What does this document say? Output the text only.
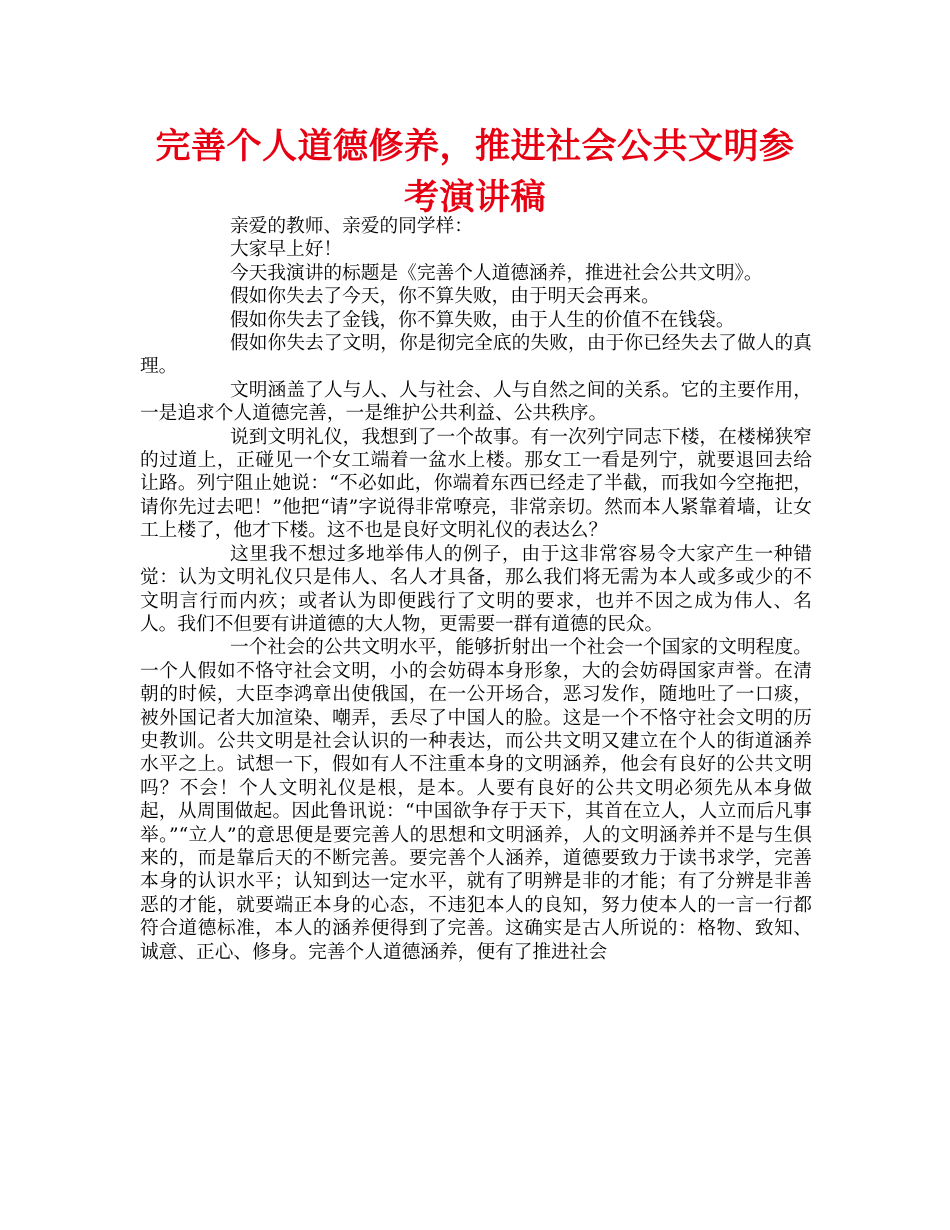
完善个人道德修养，推进社会公共文明参考演讲稿

亲爱的教师、亲爱的同学样：

大家早上好！

今天我演讲的标题是《完善个人道德涵养，推进社会公共文明》。

假如你失去了今天，你不算失败，由于明天会再来。

假如你失去了金钱，你不算失败，由于人生的价值不在钱袋。

假如你失去了文明，你是彻完全底的失败，由于你已经失去了做人的真理。

文明涵盖了人与人、人与社会、人与自然之间的关系。它的主要作用，一是追求个人道德完善，一是维护公共利益、公共秩序。

说到文明礼仪，我想到了一个故事。有一次列宁同志下楼，在楼梯狭窄的过道上，正碰见一个女工端着一盆水上楼。那女工一看是列宁，就要退回去给让路。列宁阻止她说：“不必如此，你端着东西已经走了半截，而我如今空拖把，请你先过去吧！”他把“请”字说得非常嘹亮，非常亲切。然而本人紧靠着墙，让女工上楼了，他才下楼。这不也是良好文明礼仪的表达么？

这里我不想过多地举伟人的例子，由于这非常容易令大家产生一种错觉：认为文明礼仪只是伟人、名人才具备，那么我们将无需为本人或多或少的不文明言行而内疚；或者认为即便践行了文明的要求，也并不因之成为伟人、名人。我们不但要有讲道德的大人物，更需要一群有道德的民众。

一个社会的公共文明水平，能够折射出一个社会一个国家的文明程度。一个人假如不恪守社会文明，小的会妨碍本身形象，大的会妨碍国家声誉。在清朝的时候，大臣李鸿章出使俄国，在一公开场合，恶习发作，随地吐了一口痰，被外国记者大加渲染、嘲弄，丢尽了中国人的脸。这是一个不恪守社会文明的历史教训。公共文明是社会认识的一种表达，而公共文明又建立在个人的街道涵养水平之上。试想一下，假如有人不注重本身的文明涵养，他会有良好的公共文明吗？不会！个人文明礼仪是根，是本。人要有良好的公共文明必须先从本身做起，从周围做起。因此鲁讯说：“中国欲争存于天下，其首在立人，人立而后凡事举。”“立人”的意思便是要完善人的思想和文明涵养，人的文明涵养并不是与生俱来的，而是靠后天的不断完善。要完善个人涵养，道德要致力于读书求学，完善本身的认识水平；认知到达一定水平，就有了明辨是非的才能；有了分辨是非善恶的才能，就要端正本身的心态，不违犯本人的良知，努力使本人的一言一行都符合道德标准，本人的涵养便得到了完善。这确实是古人所说的：格物、致知、诚意、正心、修身。完善个人道德涵养，便有了推进社会
